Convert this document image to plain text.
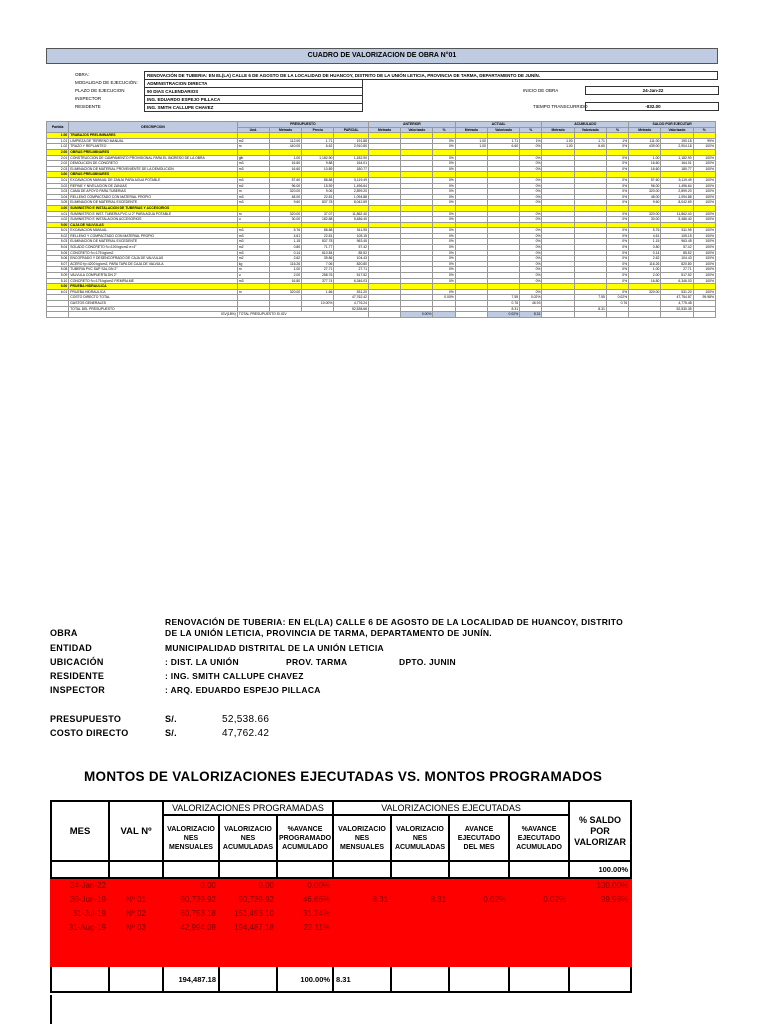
CUADRO DE VALORIZACION DE OBRA N°01
OBRA:	RENOVACIÓN DE TUBERIA: EN EL(LA) CALLE 6 DE AGOSTO DE LA LOCALIDAD DE HUANCOY, DISTRITO DE LA UNIÓN LETICIA, PROVINCIA DE TARMA, DEPARTAMENTO DE JUNÍN.
MODALIDAD DE EJECUCIÓN:	ADMINISTRACION DIRECTA
PLAZO DE EJECUCION	90 DIAS CALENDARIOS
INSPECTOR	ING. EDUARDO ESPEJO PILLACA
RESIDENTE	ING. SMITH CALLUPE CHAVEZ
INICIO DE OBRA	24-Jan-22
TIEMPO TRANSCURRIDO	-832.00
Partida	DESCRIPCION	PRESUPUESTO				ANTERIOR			ACTUAL			ACUMULADO			SALDO POR EJECUTAR		
		Und.	Metrado	Precio	PARCIAL	Metrado	Valorizado	%	Metrado	Valorizado	%	Metrado	Valorizado	%	Metrado	Valorizado	%
1.00	TRABAJOS PRELIMINARES																
1.01	LIMPIEZA DE TERRENO MANUAL	m2	112.00	1.71	191.88			0%	1.00	1.71	1%	1.00	1.71	1%	111.00	190.18	99%
1.02	TRAZO Y REPLANTEO	m	440.00	6.62	2,910.80			0%	1.00	6.60	0%	1.00	6.60	0%	439.00	2,904.18	100%
2.00	OBRAS PRELIMINARES																
2.01	CONSTRUCCION DE CAMPAMENTO PROVISIONAL PARA EL INGRESO DE LA OBRA	glb	1.00	1,182.90	1,182.90			0%			0%			0%	1.00	1,182.90	100%
2.02	DEMOLICION DE CONCRETO	m3	16.60	9.88	164.01			0%			0%			0%	16.60	164.01	100%
2.03	ELIMINACION DE MATERIAL PROVENIENTE DE LA DEMOLICION	m3	16.60	10.89	180.77			0%			0%			0%	16.60	180.77	100%
3.00	OBRAS PRELIMINARES																
3.01	EXCAVACION MANUAL DE ZANJA PARA AGUA POTABLE	m3	57.60	88.88	5,119.49			0%			0%			0%	57.60	5,119.49	100%
3.02	REFINE Y NIVELACION DE ZANJAS	m2	96.00	15.59	1,496.64			0%			0%			0%	96.00	1,496.64	100%
3.03	CAMA DE APOYO PARA TUBERIAS	m	320.00	9.06	2,899.20			0%			0%			0%	320.00	2,899.20	100%
3.04	RELLENO COMPACTADO CON MATERIAL PROPIO	m3	48.00	22.81	1,094.88			0%			0%			0%	48.00	1,094.88	100%
3.05	ELIMINACION DE MATERIAL EXCEDENTE	m3	9.60	837.78	8,042.69			0%			0%			0%	9.60	8,042.69	100%
4.00	SUMINISTRO E INSTALACION DE TUBERIAS Y ACCESORIOS																
4.01	SUMINISTRO E INST. TUBERIA PVC-U 2" PARA AGUA POTABLE	m	320.00	37.07	11,862.40			0%			0%			0%	320.00	11,862.40	100%
4.02	SUMINISTRO E INSTALACION ACCESORIOS	u	30.00	182.88	5,486.40			0%			0%			0%	30.00	5,486.40	100%
5.00	CAJA DE VALVULAS																
5.01	EXCAVACION MANUAL	m3	5.76	88.88	511.95			0%			0%			0%	5.76	511.95	100%
5.02	RELLENO Y COMPACTADO CON MATERIAL PROPIO	m3	4.61	22.81	105.15			0%			0%			0%	4.61	105.15	100%
5.03	ELIMINACION DE MATERIAL EXCEDENTE	m3	1.15	837.78	963.45			0%			0%			0%	1.15	963.45	100%
5.04	SOLADO CONCRETO f'c=100 kg/cm2 e=4"	m2	0.80	71.77	57.42			0%			0%			0%	0.80	57.42	100%
5.05	CONCRETO f'c=175 kg/cm2	m3	0.14	610.84	85.52			0%			0%			0%	0.14	85.52	100%
5.06	ENCOFRADO Y DESENCOFRADO DE CAJA DE VALVULAS	m2	2.62	39.86	104.43			0%			0%			0%	2.62	104.43	100%
5.07	ACERO fy=4200 kg/cm2, PARA TAPA DE CAJA DE VALVULA	kg	116.26	7.06	820.80			0%			0%			0%	116.26	820.80	100%
5.08	TUBERIA PVC SAP SAL DN 2"	m	1.00	27.71	27.71			0%			0%			0%	1.00	27.71	100%
5.09	VALVULA COMPUERTA DN 2"	u	2.00	258.76	517.52			0%			0%			0%	2.00	517.52	100%
5.10	CONCRETO f'c=175 kg/cm2 P/EMPALME	m3	16.80	377.74	6,346.03			0%			0%			0%	16.80	6,346.03	100%
6.00	PRUEBA HIDRAULICA																
6.01	PRUEBA HIDRAULICA	m	320.00	1.66	531.20			0%			0%			0%	320.00	531.20	100%
	COSTO DIRECTO TOTAL				47,762.42			0.00%		7.55	0.02%		7.55	0.02%		47,754.87	99.98%
	GASTOS GENERALES			10.00%	4,776.24					0.76	46.93			0.76		4,775.48	
	TOTAL DEL PRESUPUESTO				52,538.66					8.31			8.31			52,530.35	
	IGV(18%)	TOTAL PRESUPUESTO S/.IGV					0.00%			0.02%	8.31						
OBRA
RENOVACIÓN DE TUBERIA: EN EL(LA) CALLE 6 DE AGOSTO DE LA LOCALIDAD DE HUANCOY, DISTRITO DE LA UNIÓN LETICIA, PROVINCIA DE TARMA, DEPARTAMENTO DE JUNÍN.
ENTIDAD	MUNICIPALIDAD DISTRITAL DE LA UNIÓN LETICIA
UBICACIÓN	: DIST. LA UNIÓN	PROV. TARMA	DPTO. JUNIN
RESIDENTE	: ING. SMITH CALLUPE CHAVEZ
INSPECTOR	: ARQ. EDUARDO ESPEJO PILLACA
PRESUPUESTO	S/.	52,538.66
COSTO DIRECTO	S/.	47,762.42
MONTOS DE VALORIZACIONES EJECUTADAS VS. MONTOS PROGRAMADOS
MES	VAL Nº	VALORIZACIONES PROGRAMADAS			VALORIZACIONES EJECUTADAS				% SALDO POR VALORIZAR
		VALORIZACIO NES MENSUALES	VALORIZACIO NES ACUMULADAS	%AVANCE PROGRAMADO ACUMULADO	VALORIZACIO NES MENSUALES	VALORIZACIO NES ACUMULADAS	AVANCE EJECUTADO DEL MES	%AVANCE EJECUTADO ACUMULADO	
									100.00%
24-Jan-22		0.00	0.00	0.00%					100.00%
30-Jun-19	Nº 01	90,739.92	90,739.92	46.66%	8.31	8.31	0.02%	0.02%	99.98%
31-Jul-19	Nº 02	60,753.18	151,493.10	31.24%					
31-Aug-19	Nº 03	42,994.08	194,487.18	22.11%					

		194,487.18		100.00%	8.31				
